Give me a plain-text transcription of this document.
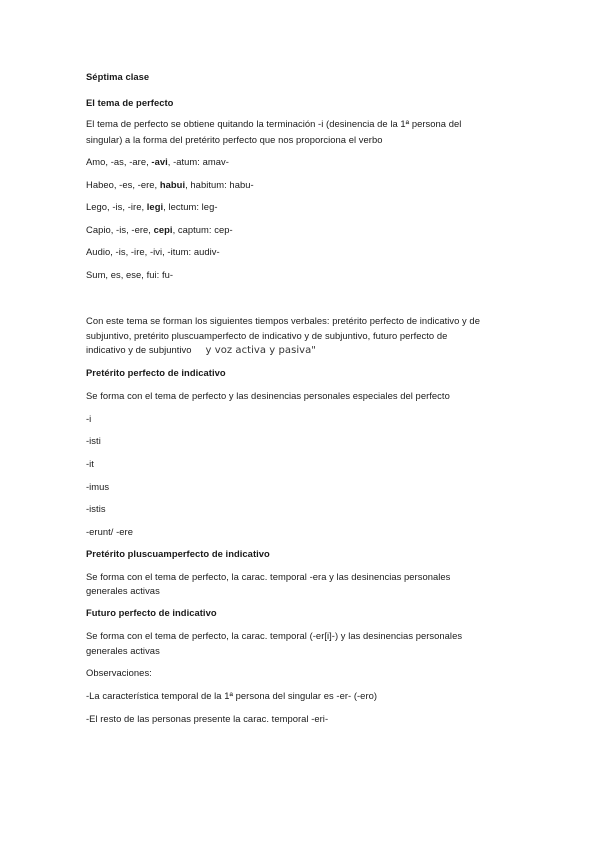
Séptima clase
El tema de perfecto
El tema de perfecto se obtiene quitando la terminación -i (desinencia de la 1ª persona del
singular) a la forma del pretérito perfecto que nos proporciona el verbo
Amo, -as, -are, -avi, -atum: amav-
Habeo, -es, -ere, habui, habitum: habu-
Lego, -is, -ire, legi, lectum: leg-
Capio, -is, -ere, cepi, captum: cep-
Audio, -is, -ire, -ivi, -itum: audiv-
Sum, es, ese, fui: fu-
Con este tema se forman los siguientes tiempos verbales: pretérito perfecto de indicativo y de
subjuntivo, pretérito pluscuamperfecto de indicativo y de subjuntivo, futuro perfecto de
indicativo y de subjuntivo y voz activa y pasiva"
Pretérito perfecto de indicativo
Se forma con el tema de perfecto y las desinencias personales especiales del perfecto
-i
-isti
-it
-imus
-istis
-erunt/ -ere
Pretérito pluscuamperfecto de indicativo
Se forma con el tema de perfecto, la carac. temporal -era y las desinencias personales
generales activas
Futuro perfecto de indicativo
Se forma con el tema de perfecto, la carac. temporal (-er[i]-) y las desinencias personales
generales activas
Observaciones:
-La característica temporal de la 1ª persona del singular es -er- (-ero)
-El resto de las personas presente la carac. temporal -eri-
